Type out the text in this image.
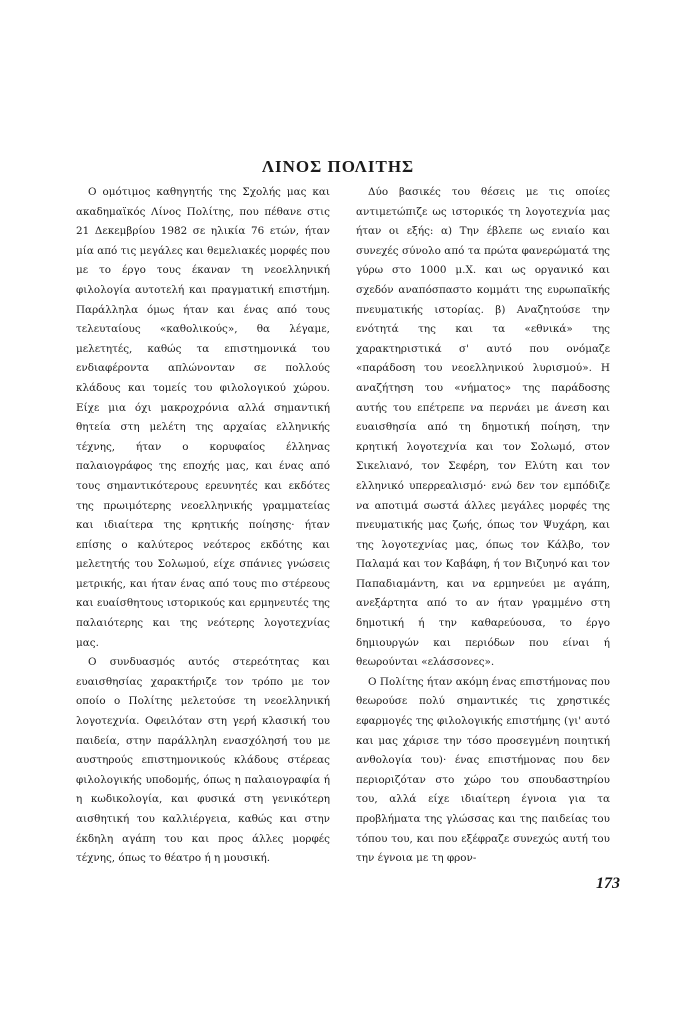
ΛΙΝΟΣ ΠΟΛΙΤΗΣ

Ο ομότιμος καθηγητής της Σχολής μας και ακαδημαϊκός Λίνος Πολίτης, που πέθανε στις 21 Δεκεμβρίου 1982 σε ηλικία 76 ετών, ήταν μία από τις μεγάλες και θεμελιακές μορφές που με το έργο τους έκαναν τη νεοελληνική φιλολογία αυτοτελή και πραγματική επιστήμη. Παράλληλα όμως ήταν και ένας από τους τελευταίους «καθολικούς», θα λέγαμε, μελετητές, καθώς τα επιστημονικά του ενδιαφέροντα απλώνονταν σε πολλούς κλάδους και τομείς του φιλολογικού χώρου. Είχε μια όχι μακροχρόνια αλλά σημαντική θητεία στη μελέτη της αρχαίας ελληνικής τέχνης, ήταν ο κορυφαίος έλληνας παλαιογράφος της εποχής μας, και ένας από τους σημαντικότερους ερευνητές και εκδότες της πρωιμότερης νεοελληνικής γραμματείας και ιδιαίτερα της κρητικής ποίησης· ήταν επίσης ο καλύτερος νεότερος εκδότης και μελετητής του Σολωμού, είχε σπάνιες γνώσεις μετρικής, και ήταν ένας από τους πιο στέρεους και ευαίσθητους ιστορικούς και ερμηνευτές της παλαιότερης και της νεότερης λογοτεχνίας μας.

Ο συνδυασμός αυτός στερεότητας και ευαισθησίας χαρακτήριζε τον τρόπο με τον οποίο ο Πολίτης μελετούσε τη νεοελληνική λογοτεχνία. Οφειλόταν στη γερή κλασική του παιδεία, στην παράλληλη ενασχόλησή του με αυστηρούς επιστημονικούς κλάδους στέρεας φιλολογικής υποδομής, όπως η παλαιογραφία ή η κωδικολογία, και φυσικά στη γενικότερη αισθητική του καλλιέργεια, καθώς και στην έκδηλη αγάπη του και προς άλλες μορφές τέχνης, όπως το θέατρο ή η μουσική.

Δύο βασικές του θέσεις με τις οποίες αντιμετώπιζε ως ιστορικός τη λογοτεχνία μας ήταν οι εξής: α) Την έβλεπε ως ενιαίο και συνεχές σύνολο από τα πρώτα φανερώματά της γύρω στο 1000 μ.Χ. και ως οργανικό και σχεδόν αναπόσπαστο κομμάτι της ευρωπαϊκής πνευματικής ιστορίας. β) Αναζητούσε την ενότητά της και τα «εθνικά» της χαρακτηριστικά σ' αυτό που ονόμαζε «παράδοση του νεοελληνικού λυρισμού». Η αναζήτηση του «νήματος» της παράδοσης αυτής του επέτρεπε να περνάει με άνεση και ευαισθησία από τη δημοτική ποίηση, την κρητική λογοτεχνία και τον Σολωμό, στον Σικελιανό, τον Σεφέρη, τον Ελύτη και τον ελληνικό υπερρεαλισμό· ενώ δεν τον εμπόδιζε να αποτιμά σωστά άλλες μεγάλες μορφές της πνευματικής μας ζωής, όπως τον Ψυχάρη, και της λογοτεχνίας μας, όπως τον Κάλβο, τον Παλαμά και τον Καβάφη, ή τον Βιζυηνό και τον Παπαδιαμάντη, και να ερμηνεύει με αγάπη, ανεξάρτητα από το αν ήταν γραμμένο στη δημοτική ή την καθαρεύουσα, το έργο δημιουργών και περιόδων που είναι ή θεωρούνται «ελάσσονες».

Ο Πολίτης ήταν ακόμη ένας επιστήμονας που θεωρούσε πολύ σημαντικές τις χρηστικές εφαρμογές της φιλολογικής επιστήμης (γι' αυτό και μας χάρισε την τόσο προσεγμένη ποιητική ανθολογία του)· ένας επιστήμονας που δεν περιοριζόταν στο χώρο του σπουδαστηρίου του, αλλά είχε ιδιαίτερη έγνοια για τα προβλήματα της γλώσσας και της παιδείας του τόπου του, και που εξέφραζε συνεχώς αυτή του την έγνοια με τη φρον-

173
